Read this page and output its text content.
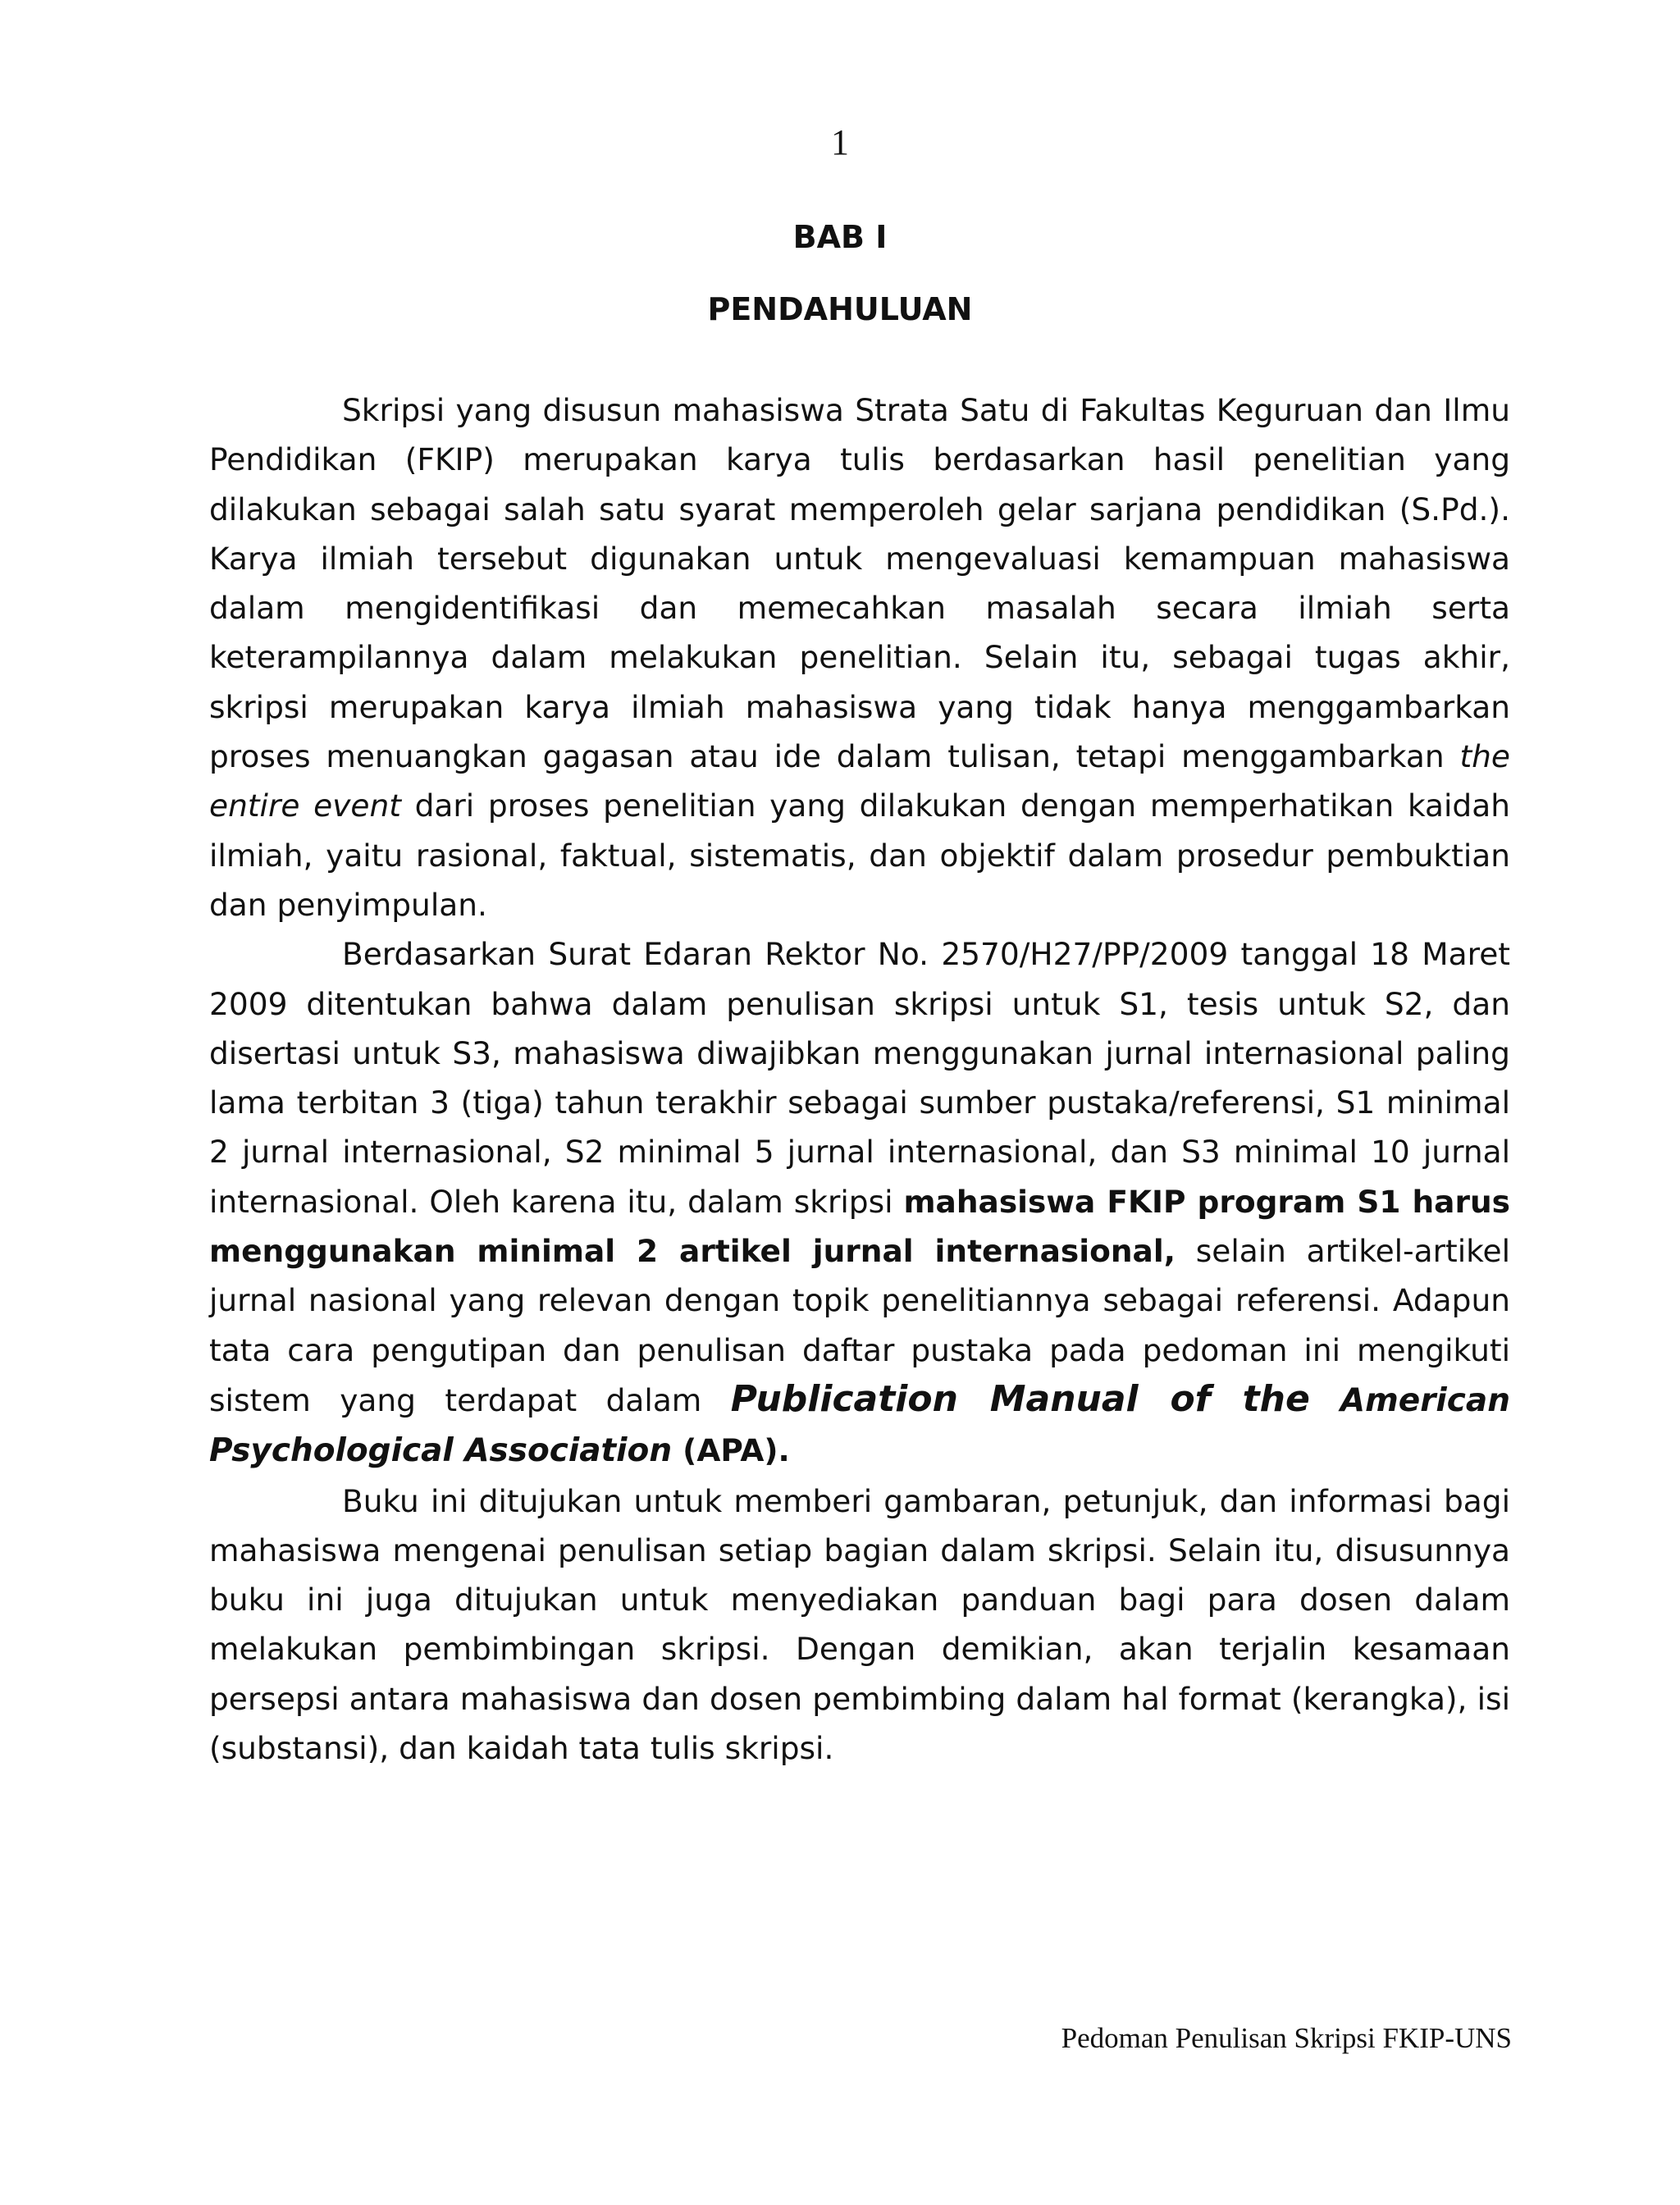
1
BAB I
PENDAHULUAN

Skripsi yang disusun mahasiswa Strata Satu di Fakultas Keguruan dan Ilmu Pendidikan (FKIP) merupakan karya tulis berdasarkan hasil penelitian yang dilakukan sebagai salah satu syarat memperoleh gelar sarjana pendidikan (S.Pd.). Karya ilmiah tersebut digunakan untuk mengevaluasi kemampuan mahasiswa dalam mengidentifikasi dan memecahkan masalah secara ilmiah serta keterampilannya dalam melakukan penelitian. Selain itu, sebagai tugas akhir, skripsi merupakan karya ilmiah mahasiswa yang tidak hanya menggambarkan proses menuangkan gagasan atau ide dalam tulisan, tetapi menggambarkan the entire event dari proses penelitian yang dilakukan dengan memperhatikan kaidah ilmiah, yaitu rasional, faktual, sistematis, dan objektif dalam prosedur pembuktian dan penyimpulan.

Berdasarkan Surat Edaran Rektor No. 2570/H27/PP/2009 tanggal 18 Maret 2009 ditentukan bahwa dalam penulisan skripsi untuk S1, tesis untuk S2, dan disertasi untuk S3, mahasiswa diwajibkan menggunakan jurnal internasional paling lama terbitan 3 (tiga) tahun terakhir sebagai sumber pustaka/referensi, S1 minimal 2 jurnal internasional, S2 minimal 5 jurnal internasional, dan S3 minimal 10 jurnal internasional. Oleh karena itu, dalam skripsi mahasiswa FKIP program S1 harus menggunakan minimal 2 artikel jurnal internasional, selain artikel-artikel jurnal nasional yang relevan dengan topik penelitiannya sebagai referensi. Adapun tata cara pengutipan dan penulisan daftar pustaka pada pedoman ini mengikuti sistem yang terdapat dalam Publication Manual of the American Psychological Association (APA).

Buku ini ditujukan untuk memberi gambaran, petunjuk, dan informasi bagi mahasiswa mengenai penulisan setiap bagian dalam skripsi. Selain itu, disusunnya buku ini juga ditujukan untuk menyediakan panduan bagi para dosen dalam melakukan pembimbingan skripsi. Dengan demikian, akan terjalin kesamaan persepsi antara mahasiswa dan dosen pembimbing dalam hal format (kerangka), isi (substansi), dan kaidah tata tulis skripsi.

Pedoman Penulisan Skripsi FKIP-UNS
